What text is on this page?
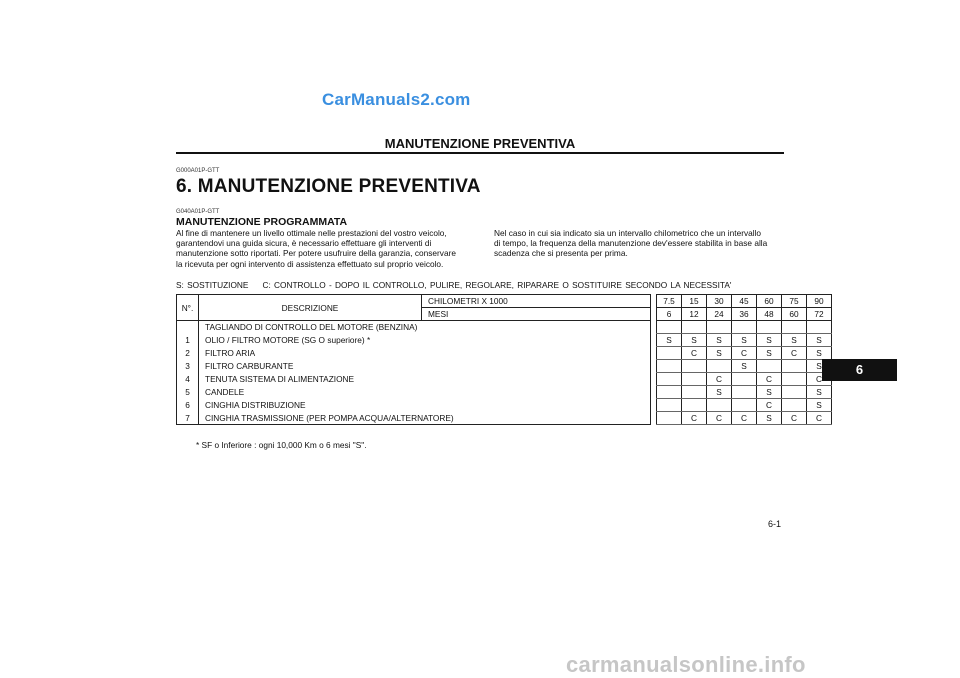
CarManuals2.com
MANUTENZIONE PREVENTIVA
G000A01P-GTT
6. MANUTENZIONE PREVENTIVA
G040A01P-GTT
MANUTENZIONE PROGRAMMATA
Al fine di mantenere un livello ottimale nelle prestazioni del vostro veicolo,
garantendovi una guida sicura, è necessario effettuare gli interventi di
manutenzione sotto riportati. Per potere usufruire della garanzia, conservare
la ricevuta per ogni intervento di assistenza effettuato sul proprio veicolo.
Nel caso in cui sia indicato sia un intervallo chilometrico che un intervallo
di tempo, la frequenza della manutenzione dev'essere stabilita in base alla
scadenza che si presenta per prima.
S: SOSTITUZIONE C: CONTROLLO - DOPO IL CONTROLLO, PULIRE, REGOLARE, RIPARARE O SOSTITUIRE SECONDO LA NECESSITA'
N°.	DESCRIZIONE	CHILOMETRI X 1000		7.5	15	30	45	60	75	90
		MESI		6	12	24	36	48	60	72
	TAGLIANDO DI CONTROLLO DEL MOTORE (BENZINA)									
1	OLIO / FILTRO MOTORE (SG O superiore) *			S	S	S	S	S	S	S
2	FILTRO ARIA				C	S	C	S	C	S
3	FILTRO CARBURANTE						S			S
4	TENUTA SISTEMA DI ALIMENTAZIONE					C		C		C
5	CANDELE					S		S		S
6	CINGHIA DISTRIBUZIONE							C		S
7	CINGHIA TRASMISSIONE (PER POMPA ACQUA/ALTERNATORE)				C	C	C	S	C	C
* SF o Inferiore : ogni 10,000 Km o 6 mesi "S".
6
6-1
carmanualsonline.info
